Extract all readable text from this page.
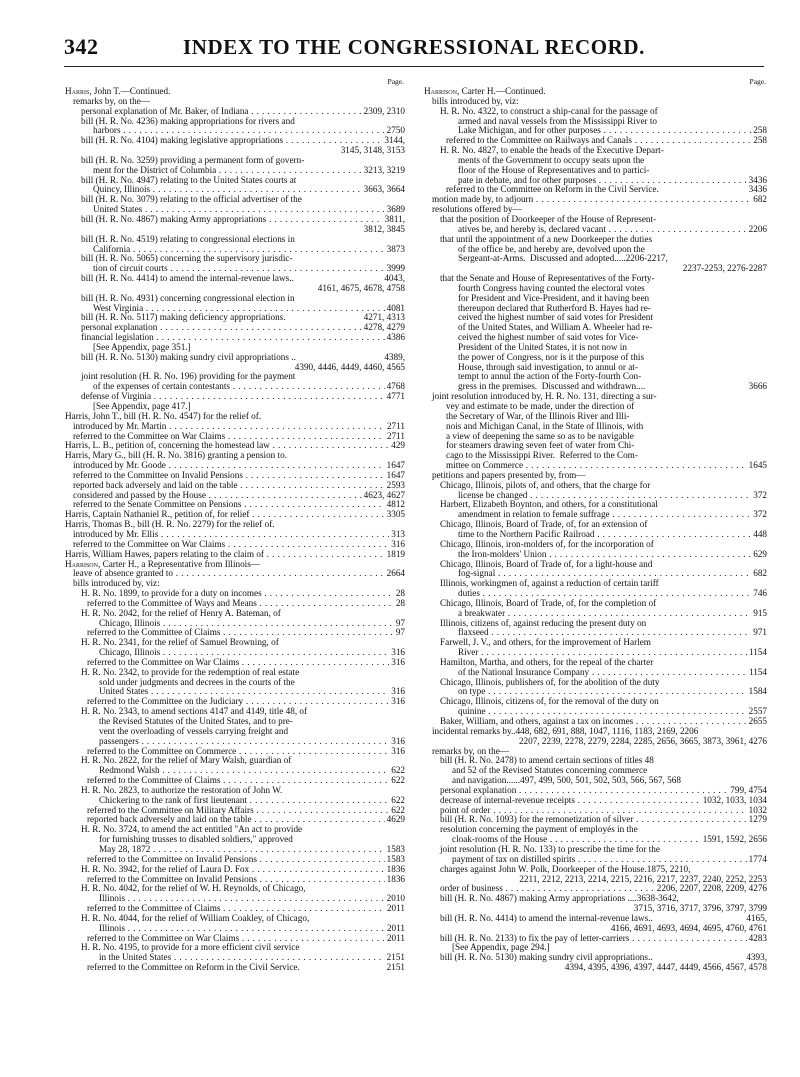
342	INDEX TO THE CONGRESSIONAL RECORD.
Page.
Harris, John T.—Continued.
remarks by, on the—
personal explanation of Mr. Baker, of Indiana . . .	2309, 2310
bill (H. R. No. 4236) making appropriations for rivers and
harbors . . .	2750
bill (H. R. No. 4104) making legislative appropriations . . .	3144,
3145, 3148, 3153
bill (H. R. No. 3259) providing a permanent form of govern-
ment for the District of Columbia . . .	3213, 3219
bill (H. R. No. 4947) relating to the United States courts at
Quincy, Illinois . . .	3663, 3664
bill (H. R. No. 3079) relating to the official advertiser of the
United States . . .	3689
bill (H. R. No. 4867) making Army appropriations . . .	3811,
3812, 3845
bill (H. R. No. 4519) relating to congressional elections in
California . . .	3873
bill (H. R. No. 5065) concerning the supervisory jurisdic-
tion of circuit courts . . .	3999
bill (H. R. No. 4414) to amend the internal-revenue laws..	4043,
4161, 4675, 4678, 4758
bill (H. R. No. 4931) concerning congressional election in
West Virginia . . .	4081
bill (H. R. No. 5117) making deficiency appropriations.	4271, 4313
personal explanation . . .	4278, 4279
financial legislation . . .	4386
[See Appendix, page 351.]
bill (H. R. No. 5130) making sundry civil appropriations ..	4389,
4390, 4446, 4449, 4460, 4565
joint resolution (H. R. No. 196) providing for the payment
of the expenses of certain contestants . . .	4768
defense of Virginia . . .	4771
[See Appendix, page 417.]
Harris, John T., bill (H. R. No. 4547) for the relief of.
introduced by Mr. Martin . . .	2711
referred to the Committee on War Claims . . .	2711
Harris, L. B., petition of, concerning the homestead law . . .	429
Harris, Mary G., bill (H. R. No. 3816) granting a pension to.
introduced by Mr. Goode . . .	1647
referred to the Committee on Invalid Pensions . . .	1647
reported back adversely and laid on the table . . .	2593
considered and passed by the House . . .	4623, 4627
referred to the Senate Committee on Pensions . . .	4812
Harris, Captain Nathaniel R., petition of, for relief . . .	3305
Harris, Thomas B., bill (H. R. No. 2279) for the relief of.
introduced by Mr. Ellis . . .	313
referred to the Committee on War Claims . . .	316
Harris, William Hawes, papers relating to the claim of . . .	1819
Harrison, Carter H., a Representative from Illinois—
leave of absence granted to . . .	2664
bills introduced by, viz:
H. R. No. 1899, to provide for a duty on incomes . . .	28
referred to the Committee of Ways and Means . . .	28
H. R. No. 2042, for the relief of Henry A. Bateman, of
Chicago, Illinois . . .	97
referred to the Committee of Claims . . .	97
H. R. No. 2341, for the relief of Samuel Browning, of
Chicago, Illinois . . .	316
referred to the Committee on War Claims . . .	316
H. R. No. 2342, to provide for the redemption of real estate
sold under judgments and decrees in the courts of the
United States . . .	316
referred to the Committee on the Judiciary . . .	316
H. R. No. 2343, to amend sections 4147 and 4149, title 48, of
the Revised Statutes of the United States, and to pre-
vent the overloading of vessels carrying freight and
passengers . . .	316
referred to the Committee on Commerce . . .	316
H. R. No. 2822, for the relief of Mary Walsh, guardian of
Redmond Walsh . . .	622
referred to the Committee of Claims . . .	622
H. R. No. 2823, to authorize the restoration of John W.
Chickering to the rank of first lieutenant . . .	622
referred to the Committee on Military Affairs . . .	622
reported back adversely and laid on the table . . .	4629
H. R. No. 3724, to amend the act entitled "An act to provide
for furnishing trusses to disabled soldiers," approved
May 28, 1872 . . .	1583
referred to the Committee on Invalid Pensions . . .	1583
H. R. No. 3942, for the relief of Laura D. Fox . . .	1836
referred to the Committee on Invalid Pensions . . .	1836
H. R. No. 4042, for the relief of W. H. Reynolds, of Chicago,
Illinois . . .	2010
referred to the Committee of Claims . . .	2011
H. R. No. 4044, for the relief of William Coakley, of Chicago,
Illinois . . .	2011
referred to the Committee on War Claims . . .	2011
H. R. No. 4195, to provide for a more efficient civil service
in the United States . . .	2151
referred to the Committee on Reform in the Civil Service.	2151
Page.
Harrison, Carter H.—Continued.
bills introduced by, viz:
H. R. No. 4322, to construct a ship-canal for the passage of
armed and naval vessels from the Mississippi River to
Lake Michigan, and for other purposes . . .	258
referred to the Committee on Railways and Canals . . .	258
H. R. No. 4827, to enable the heads of the Executive Depart-
ments of the Government to occupy seats upon the
floor of the House of Representatives and to partici-
pate in debate, and for other purposes . . .	3436
referred to the Committee on Reform in the Civil Service.	3436
motion made by, to adjourn . . .	682
resolutions offered by—
that the position of Doorkeeper of the House of Represent-
atives be, and hereby is, declared vacant . . .	2206
that until the appointment of a new Doorkeeper the duties
of the office be, and hereby are, devolved upon the
Sergeant-at-Arms.  Discussed and adopted.....2206-2217,
2237-2253, 2276-2287
that the Senate and House of Representatives of the Forty-
fourth Congress having counted the electoral votes
for President and Vice-President, and it having been
thereupon declared that Rutherford B. Hayes had re-
ceived the highest number of said votes for President
of the United States, and William A. Wheeler had re-
ceived the highest number of said votes for Vice-
President of the United States, it is not now in
the power of Congress, nor is it the purpose of this
House, through said investigation, to annul or at-
tempt to annul the action of the Forty-fourth Con-
gress in the premises.  Discussed and withdrawn....	3666
joint resolution introduced by, H. R. No. 131, directing a sur-
vey and estimate to be made, under the direction of
the Secretary of War, of the Illinois River and Illi-
nois and Michigan Canal, in the State of Illinois, with
a view of deepening the same so as to be navigable
for steamers drawing seven feet of water from Chi-
cago to the Mississippi River.  Referred to the Com-
mittee on Commerce . . .	1645
petitions and papers presented by, from—
Chicago, Illinois, pilots of, and others, that the charge for
license be changed . . .	372
Harbert, Elizabeth Boynton, and others, for a constitutional
amendment in relation to female suffrage . . .	372
Chicago, Illinois, Board of Trade, of, for an extension of
time to the Northern Pacific Railroad . . .	448
Chicago, Illinois, iron-molders of, for the incorporation of
the Iron-molders' Union . . .	629
Chicago, Illinois, Board of Trade of, for a light-house and
fog-signal . . .	682
Illinois, workingmen of, against a reduction of certain tariff
duties . . .	746
Chicago, Illinois, Board of Trade, of, for the completion of
a breakwater . . .	915
Illinois, citizens of, against reducing the present duty on
flaxseed . . .	971
Farwell, J. V., and others, for the improvement of Harlem
River . . .	1154
Hamilton, Martha, and others, for the repeal of the charter
of the National Insurance Company . . .	1154
Chicago, Illinois, publishers of, for the abolition of the duty
on type . . .	1584
Chicago, Illinois, citizens of, for the removal of the duty on
quinine . . .	2557
Baker, William, and others, against a tax on incomes . . .	2655
incidental remarks by..448, 682, 691, 888, 1047, 1116, 1183, 2169, 2206
2207, 2239, 2278, 2279, 2284, 2285, 2656, 3665, 3873, 3961, 4276
remarks by, on the—
bill (H. R. No. 2478) to amend certain sections of titles 48
and 52 of the Revised Statutes concerning commerce
and navigation......497, 499, 500, 501, 502, 503, 566, 567, 568
personal explanation . . .	799, 4754
decrease of internal-revenue receipts . . .	1032, 1033, 1034
point of order . . .	1032
bill (H. R. No. 1093) for the remonetization of silver . . .	1279
resolution concerning the payment of employés in the
cloak-rooms of the House . . .	1591, 1592, 2656
joint resolution (H. R. No. 133) to prescribe the time for the
payment of tax on distilled spirits . . .	1774
charges against John W. Polk, Doorkeeper of the House.1875, 2210,
2211, 2212, 2213, 2214, 2215, 2216, 2217, 2237, 2240, 2252, 2253
order of business . . .	2206, 2207, 2208, 2209, 4276
bill (H. R. No. 4867) making Army appropriations ....3638-3642,
3715, 3716, 3717, 3796, 3797, 3799
bill (H. R. No. 4414) to amend the internal-revenue laws..	4165,
4166, 4691, 4693, 4694, 4695, 4760, 4761
bill (H. R. No. 2133) to fix the pay of letter-carriers . . .	4283
[See Appendix, page 294.]
bill (H. R. No. 5130) making sundry civil appropriations..	4393,
4394, 4395, 4396, 4397, 4447, 4449, 4566, 4567, 4578
